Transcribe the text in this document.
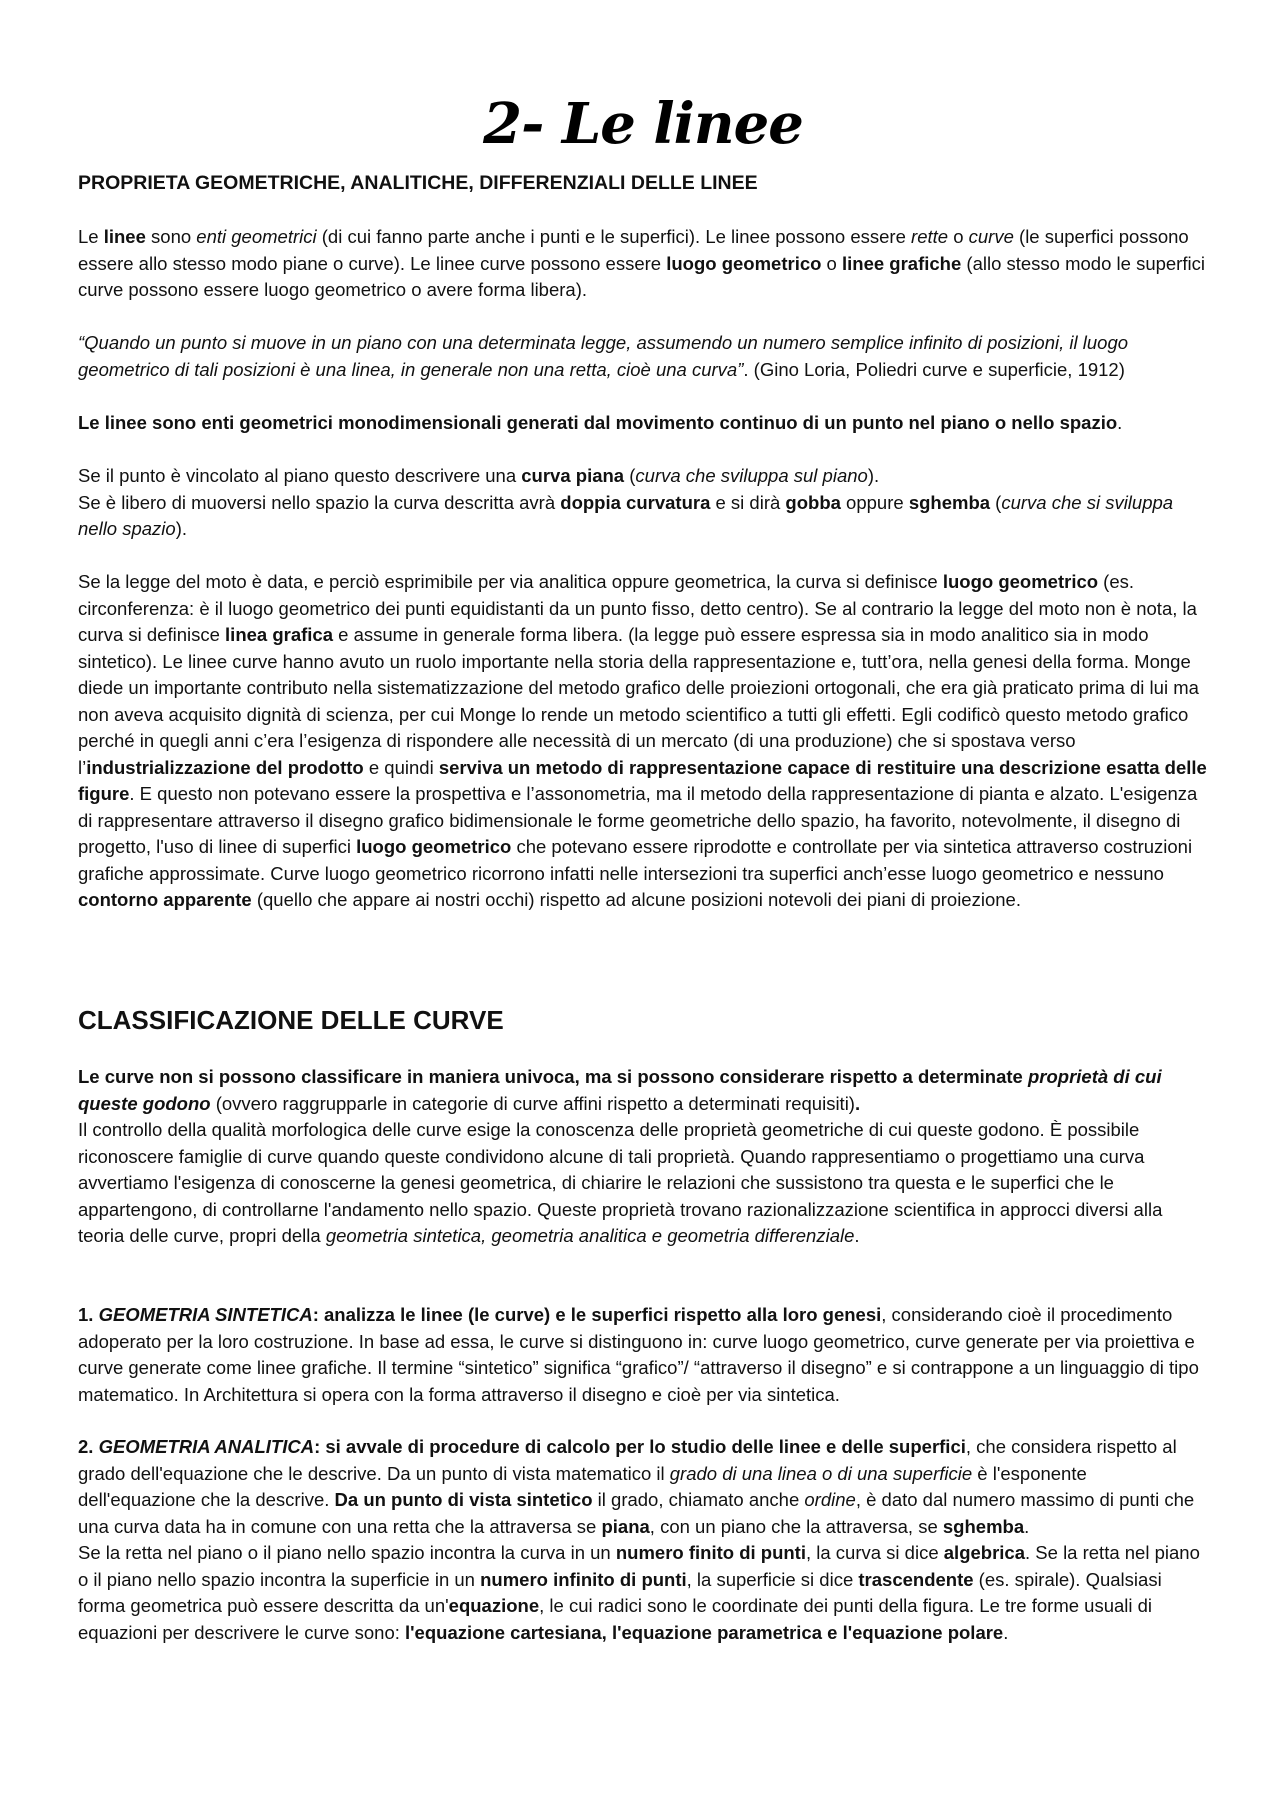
2- Le linee
PROPRIETA GEOMETRICHE, ANALITICHE, DIFFERENZIALI DELLE LINEE

Le linee sono enti geometrici (di cui fanno parte anche i punti e le superfici). Le linee possono essere rette o curve (le superfici possono essere allo stesso modo piane o curve). Le linee curve possono essere luogo geometrico o linee grafiche (allo stesso modo le superfici curve possono essere luogo geometrico o avere forma libera).

“Quando un punto si muove in un piano con una determinata legge, assumendo un numero semplice infinito di posizioni, il luogo geometrico di tali posizioni è una linea, in generale non una retta, cioè una curva”. (Gino Loria, Poliedri curve e superficie, 1912)

Le linee sono enti geometrici monodimensionali generati dal movimento continuo di un punto nel piano o nello spazio.

Se il punto è vincolato al piano questo descrivere una curva piana (curva che sviluppa sul piano).
Se è libero di muoversi nello spazio la curva descritta avrà doppia curvatura e si dirà gobba oppure sghemba (curva che si sviluppa nello spazio).

Se la legge del moto è data, e perciò esprimibile per via analitica oppure geometrica, la curva si definisce luogo geometrico (es. circonferenza: è il luogo geometrico dei punti equidistanti da un punto fisso, detto centro). Se al contrario la legge del moto non è nota, la curva si definisce linea grafica e assume in generale forma libera. (la legge può essere espressa sia in modo analitico sia in modo sintetico). Le linee curve hanno avuto un ruolo importante nella storia della rappresentazione e, tutt’ora, nella genesi della forma. Monge diede un importante contributo nella sistematizzazione del metodo grafico delle proiezioni ortogonali, che era già praticato prima di lui ma non aveva acquisito dignità di scienza, per cui Monge lo rende un metodo scientifico a tutti gli effetti. Egli codificò questo metodo grafico perché in quegli anni c’era l’esigenza di rispondere alle necessità di un mercato (di una produzione) che si spostava verso l’industrializzazione del prodotto e quindi serviva un metodo di rappresentazione capace di restituire una descrizione esatta delle figure. E questo non potevano essere la prospettiva e l’assonometria, ma il metodo della rappresentazione di pianta e alzato. L'esigenza di rappresentare attraverso il disegno grafico bidimensionale le forme geometriche dello spazio, ha favorito, notevolmente, il disegno di progetto, l'uso di linee di superfici luogo geometrico che potevano essere riprodotte e controllate per via sintetica attraverso costruzioni grafiche approssimate. Curve luogo geometrico ricorrono infatti nelle intersezioni tra superfici anch’esse luogo geometrico e nessuno contorno apparente (quello che appare ai nostri occhi) rispetto ad alcune posizioni notevoli dei piani di proiezione.

CLASSIFICAZIONE DELLE CURVE

Le curve non si possono classificare in maniera univoca, ma si possono considerare rispetto a determinate proprietà di cui queste godono (ovvero raggrupparle in categorie di curve affini rispetto a determinati requisiti).
Il controllo della qualità morfologica delle curve esige la conoscenza delle proprietà geometriche di cui queste godono. È possibile riconoscere famiglie di curve quando queste condividono alcune di tali proprietà. Quando rappresentiamo o progettiamo una curva avvertiamo l'esigenza di conoscerne la genesi geometrica, di chiarire le relazioni che sussistono tra questa e le superfici che le appartengono, di controllarne l'andamento nello spazio. Queste proprietà trovano razionalizzazione scientifica in approcci diversi alla teoria delle curve, propri della geometria sintetica, geometria analitica e geometria differenziale.

1. GEOMETRIA SINTETICA: analizza le linee (le curve) e le superfici rispetto alla loro genesi, considerando cioè il procedimento adoperato per la loro costruzione. In base ad essa, le curve si distinguono in: curve luogo geometrico, curve generate per via proiettiva e curve generate come linee grafiche. Il termine “sintetico” significa “grafico”/ “attraverso il disegno” e si contrappone a un linguaggio di tipo matematico. In Architettura si opera con la forma attraverso il disegno e cioè per via sintetica.

2. GEOMETRIA ANALITICA: si avvale di procedure di calcolo per lo studio delle linee e delle superfici, che considera rispetto al grado dell'equazione che le descrive. Da un punto di vista matematico il grado di una linea o di una superficie è l'esponente dell'equazione che la descrive. Da un punto di vista sintetico il grado, chiamato anche ordine, è dato dal numero massimo di punti che una curva data ha in comune con una retta che la attraversa se piana, con un piano che la attraversa, se sghemba.
Se la retta nel piano o il piano nello spazio incontra la curva in un numero finito di punti, la curva si dice algebrica. Se la retta nel piano o il piano nello spazio incontra la superficie in un numero infinito di punti, la superficie si dice trascendente (es. spirale). Qualsiasi forma geometrica può essere descritta da un'equazione, le cui radici sono le coordinate dei punti della figura. Le tre forme usuali di equazioni per descrivere le curve sono: l'equazione cartesiana, l'equazione parametrica e l'equazione polare.
